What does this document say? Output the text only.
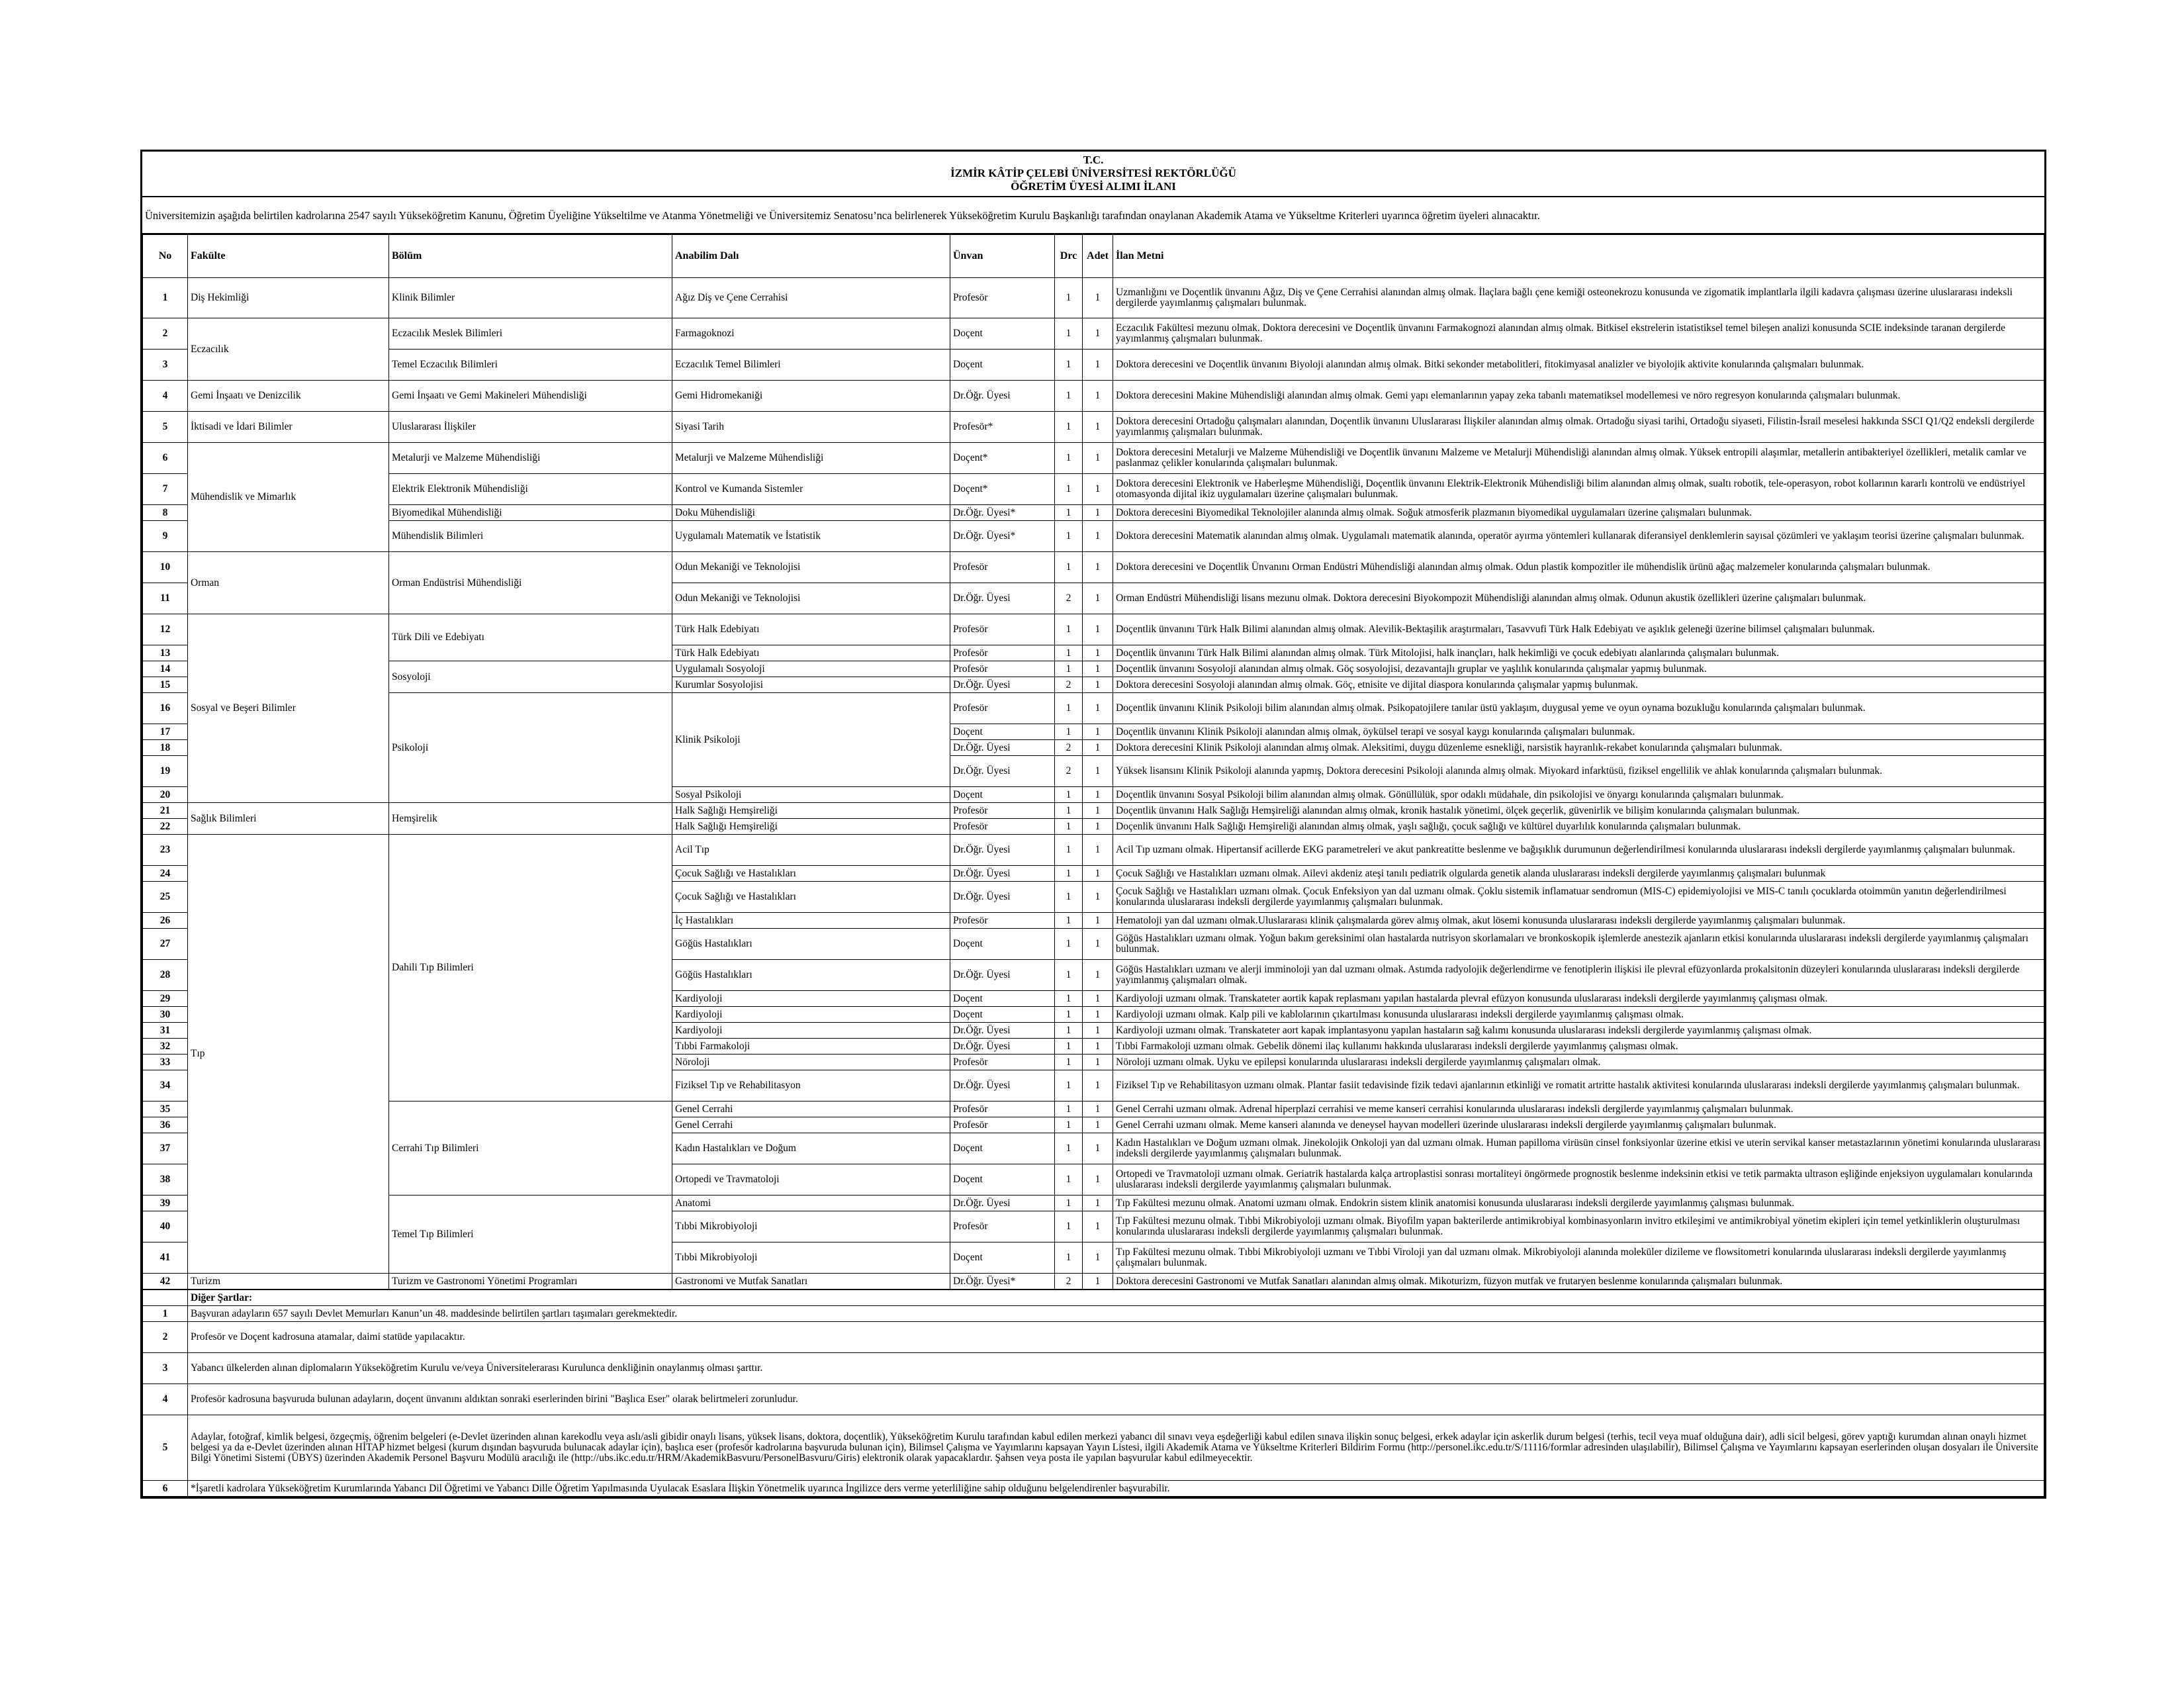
T.C.
İZMİR KÂTİP ÇELEBİ ÜNİVERSİTESİ REKTÖRLÜĞÜ
ÖĞRETİM ÜYESİ ALIMI İLANI
Üniversitemizin aşağıda belirtilen kadrolarına 2547 sayılı Yükseköğretim Kanunu, Öğretim Üyeliğine Yükseltilme ve Atanma Yönetmeliği ve Üniversitemiz Senatosu’nca belirlenerek Yükseköğretim Kurulu Başkanlığı tarafından onaylanan Akademik Atama ve Yükseltme Kriterleri uyarınca öğretim üyeleri alınacaktır.
No	Fakülte	Bölüm	Anabilim Dalı	Ünvan	Drc	Adet	İlan Metni
1	Diş Hekimliği	Klinik Bilimler	Ağız Diş ve Çene Cerrahisi	Profesör	1	1	Uzmanlığını ve Doçentlik ünvanını Ağız, Diş ve Çene Cerrahisi alanından almış olmak. İlaçlara bağlı çene kemiği osteonekrozu konusunda ve zigomatik implantlarla ilgili kadavra çalışması üzerine uluslararası indeksli dergilerde yayımlanmış çalışmaları bulunmak.
2	Eczacılık	Eczacılık Meslek Bilimleri	Farmagoknozi	Doçent	1	1	Eczacılık Fakültesi mezunu olmak. Doktora derecesini ve Doçentlik ünvanını Farmakognozi alanından almış olmak. Bitkisel ekstrelerin istatistiksel temel bileşen analizi konusunda SCIE indeksinde taranan dergilerde yayımlanmış çalışmaları bulunmak.
3		Temel Eczacılık Bilimleri	Eczacılık Temel Bilimleri	Doçent	1	1	Doktora derecesini ve Doçentlik ünvanını Biyoloji alanından almış olmak. Bitki sekonder metabolitleri, fitokimyasal analizler ve biyolojik aktivite konularında çalışmaları bulunmak.
4	Gemi İnşaatı ve Denizcilik	Gemi İnşaatı ve Gemi Makineleri Mühendisliği	Gemi Hidromekaniği	Dr.Öğr. Üyesi	1	1	Doktora derecesini Makine Mühendisliği alanından almış olmak. Gemi yapı elemanlarının yapay zeka tabanlı matematiksel modellemesi ve nöro regresyon konularında çalışmaları bulunmak.
5	İktisadi ve İdari Bilimler	Uluslararası İlişkiler	Siyasi Tarih	Profesör*	1	1	Doktora derecesini Ortadoğu çalışmaları alanından, Doçentlik ünvanını Uluslararası İlişkiler alanından almış olmak. Ortadoğu siyasi tarihi, Ortadoğu siyaseti, Filistin-İsrail meselesi hakkında SSCI Q1/Q2 endeksli dergilerde yayımlanmış çalışmaları bulunmak.
6	Mühendislik ve Mimarlık	Metalurji ve Malzeme Mühendisliği	Metalurji ve Malzeme Mühendisliği	Doçent*	1	1	Doktora derecesini Metalurji ve Malzeme Mühendisliği ve Doçentlik ünvanını Malzeme ve Metalurji Mühendisliği alanından almış olmak. Yüksek entropili alaşımlar, metallerin antibakteriyel özellikleri, metalik camlar ve paslanmaz çelikler konularında çalışmaları bulunmak.
7		Elektrik Elektronik Mühendisliği	Kontrol ve Kumanda Sistemler	Doçent*	1	1	Doktora derecesini Elektronik ve Haberleşme Mühendisliği, Doçentlik ünvanını Elektrik-Elektronik Mühendisliği bilim alanından almış olmak, sualtı robotik, tele-operasyon, robot kollarının kararlı kontrolü ve endüstriyel otomasyonda dijital ikiz uygulamaları üzerine çalışmaları bulunmak.
8		Biyomedikal Mühendisliği	Doku Mühendisliği	Dr.Öğr. Üyesi*	1	1	Doktora derecesini Biyomedikal Teknolojiler alanında almış olmak. Soğuk atmosferik plazmanın biyomedikal uygulamaları üzerine çalışmaları bulunmak.
9		Mühendislik Bilimleri	Uygulamalı Matematik ve İstatistik	Dr.Öğr. Üyesi*	1	1	Doktora derecesini Matematik alanından almış olmak. Uygulamalı matematik alanında, operatör ayırma yöntemleri kullanarak diferansiyel denklemlerin sayısal çözümleri ve yaklaşım teorisi üzerine çalışmaları bulunmak.
10	Orman	Orman Endüstrisi Mühendisliği	Odun Mekaniği ve Teknolojisi	Profesör	1	1	Doktora derecesini ve Doçentlik Ünvanını Orman Endüstri Mühendisliği alanından almış olmak. Odun plastik kompozitler ile mühendislik ürünü ağaç malzemeler konularında çalışmaları bulunmak.
11			Odun Mekaniği ve Teknolojisi	Dr.Öğr. Üyesi	2	1	Orman Endüstri Mühendisliği lisans mezunu olmak. Doktora derecesini Biyokompozit Mühendisliği alanından almış olmak. Odunun akustik özellikleri üzerine çalışmaları bulunmak.
12	Sosyal ve Beşeri Bilimler	Türk Dili ve Edebiyatı	Türk Halk Edebiyatı	Profesör	1	1	Doçentlik ünvanını Türk Halk Bilimi alanından almış olmak. Alevilik-Bektaşilik araştırmaları, Tasavvufi Türk Halk Edebiyatı ve aşıklık geleneği üzerine bilimsel çalışmaları bulunmak.
13			Türk Halk Edebiyatı	Profesör	1	1	Doçentlik ünvanını Türk Halk Bilimi alanından almış olmak. Türk Mitolojisi, halk inançları, halk hekimliği ve çocuk edebiyatı alanlarında çalışmaları bulunmak.
14		Sosyoloji	Uygulamalı Sosyoloji	Profesör	1	1	Doçentlik ünvanını Sosyoloji alanından almış olmak. Göç sosyolojisi, dezavantajlı gruplar ve yaşlılık konularında çalışmalar yapmış bulunmak.
15			Kurumlar Sosyolojisi	Dr.Öğr. Üyesi	2	1	Doktora derecesini Sosyoloji alanından almış olmak. Göç, etnisite ve dijital diaspora konularında çalışmalar yapmış bulunmak.
16		Psikoloji	Klinik Psikoloji	Profesör	1	1	Doçentlik ünvanını Klinik Psikoloji bilim alanından almış olmak. Psikopatojilere tanılar üstü yaklaşım, duygusal yeme ve oyun oynama bozukluğu konularında çalışmaları bulunmak.
17				Doçent	1	1	Doçentlik ünvanını Klinik Psikoloji alanından almış olmak, öykülsel terapi ve sosyal kaygı konularında çalışmaları bulunmak.
18				Dr.Öğr. Üyesi	2	1	Doktora derecesini Klinik Psikoloji alanından almış olmak. Aleksitimi, duygu düzenleme esnekliği, narsistik hayranlık-rekabet konularında çalışmaları bulunmak.
19				Dr.Öğr. Üyesi	2	1	Yüksek lisansını Klinik Psikoloji alanında yapmış, Doktora derecesini Psikoloji alanında almış olmak. Miyokard infarktüsü, fiziksel engellilik ve ahlak konularında çalışmaları bulunmak.
20			Sosyal Psikoloji	Doçent	1	1	Doçentlik ünvanını Sosyal Psikoloji bilim alanından almış olmak. Gönüllülük, spor odaklı müdahale, din psikolojisi ve önyargı konularında çalışmaları bulunmak.
21	Sağlık Bilimleri	Hemşirelik	Halk Sağlığı Hemşireliği	Profesör	1	1	Doçentlik ünvanını Halk Sağlığı Hemşireliği alanından almış olmak, kronik hastalık yönetimi, ölçek geçerlik, güvenirlik ve bilişim konularında çalışmaları bulunmak.
22			Halk Sağlığı Hemşireliği	Profesör	1	1	Doçenlik ünvanını Halk Sağlığı Hemşireliği alanından almış olmak, yaşlı sağlığı, çocuk sağlığı ve kültürel duyarlılık konularında çalışmaları bulunmak.
23	Tıp	Dahili Tıp Bilimleri	Acil Tıp	Dr.Öğr. Üyesi	1	1	Acil Tıp uzmanı olmak. Hipertansif acillerde EKG parametreleri ve akut pankreatitte beslenme ve bağışıklık durumunun değerlendirilmesi konularında uluslararası indeksli dergilerde yayımlanmış çalışmaları bulunmak.
24			Çocuk Sağlığı ve Hastalıkları	Dr.Öğr. Üyesi	1	1	Çocuk Sağlığı ve Hastalıkları uzmanı olmak. Ailevi akdeniz ateşi tanılı pediatrik olgularda genetik alanda uluslararası indeksli dergilerde yayımlanmış çalışmaları bulunmak
25			Çocuk Sağlığı ve Hastalıkları	Dr.Öğr. Üyesi	1	1	Çocuk Sağlığı ve Hastalıkları uzmanı olmak. Çocuk Enfeksiyon yan dal uzmanı olmak. Çoklu sistemik inflamatuar sendromun (MIS-C) epidemiyolojisi ve MIS-C tanılı çocuklarda otoimmün yanıtın değerlendirilmesi konularında uluslararası indeksli dergilerde yayımlanmış çalışmaları bulunmak.
26			İç Hastalıkları	Profesör	1	1	Hematoloji yan dal uzmanı olmak.Uluslararası klinik çalışmalarda görev almış olmak, akut lösemi konusunda uluslararası indeksli dergilerde yayımlanmış çalışmaları bulunmak.
27			Göğüs Hastalıkları	Doçent	1	1	Göğüs Hastalıkları uzmanı olmak. Yoğun bakım gereksinimi olan hastalarda nutrisyon skorlamaları ve bronkoskopik işlemlerde anestezik ajanların etkisi konularında uluslararası indeksli dergilerde yayımlanmış çalışmaları bulunmak.
28			Göğüs Hastalıkları	Dr.Öğr. Üyesi	1	1	Göğüs Hastalıkları uzmanı ve alerji imminoloji yan dal uzmanı olmak. Astımda radyolojik değerlendirme ve fenotiplerin ilişkisi ile plevral efüzyonlarda prokalsitonin düzeyleri konularında uluslararası indeksli dergilerde yayımlanmış çalışmaları olmak.
29			Kardiyoloji	Doçent	1	1	Kardiyoloji uzmanı olmak. Transkateter aortik kapak replasmanı yapılan hastalarda plevral efüzyon konusunda uluslararası indeksli dergilerde yayımlanmış çalışması olmak.
30			Kardiyoloji	Doçent	1	1	Kardiyoloji uzmanı olmak. Kalp pili ve kablolarının çıkartılması konusunda uluslararası indeksli dergilerde yayımlanmış çalışması olmak.
31			Kardiyoloji	Dr.Öğr. Üyesi	1	1	Kardiyoloji uzmanı olmak. Transkateter aort kapak implantasyonu yapılan hastaların sağ kalımı konusunda uluslararası indeksli dergilerde yayımlanmış çalışması olmak.
32			Tıbbi Farmakoloji	Dr.Öğr. Üyesi	1	1	Tıbbi Farmakoloji uzmanı olmak. Gebelik dönemi ilaç kullanımı hakkında uluslararası indeksli dergilerde yayımlanmış çalışması olmak.
33			Nöroloji	Profesör	1	1	Nöroloji uzmanı olmak. Uyku ve epilepsi konularında uluslararası indeksli dergilerde yayımlanmış çalışmaları olmak.
34			Fiziksel Tıp ve Rehabilitasyon	Dr.Öğr. Üyesi	1	1	Fiziksel Tıp ve Rehabilitasyon uzmanı olmak. Plantar fasiit tedavisinde fizik tedavi ajanlarının etkinliği ve romatit artritte hastalık aktivitesi konularında uluslararası indeksli dergilerde yayımlanmış çalışmaları bulunmak.
35		Cerrahi Tıp Bilimleri	Genel Cerrahi	Profesör	1	1	Genel Cerrahi uzmanı olmak. Adrenal hiperplazi cerrahisi ve meme kanseri cerrahisi konularında uluslararası indeksli dergilerde yayımlanmış çalışmaları bulunmak.
36			Genel Cerrahi	Profesör	1	1	Genel Cerrahi uzmanı olmak. Meme kanseri alanında ve deneysel hayvan modelleri üzerinde uluslararası indeksli dergilerde yayımlanmış çalışmaları bulunmak.
37			Kadın Hastalıkları ve Doğum	Doçent	1	1	Kadın Hastalıkları ve Doğum uzmanı olmak. Jinekolojik Onkoloji yan dal uzmanı olmak. Human papilloma virüsün cinsel fonksiyonlar üzerine etkisi ve uterin servikal kanser metastazlarının yönetimi konularında uluslararası indeksli dergilerde yayımlanmış çalışmaları bulunmak.
38			Ortopedi ve Travmatoloji	Doçent	1	1	Ortopedi ve Travmatoloji uzmanı olmak. Geriatrik hastalarda kalça artroplastisi sonrası mortaliteyi öngörmede prognostik beslenme indeksinin etkisi ve tetik parmakta ultrason eşliğinde enjeksiyon uygulamaları konularında uluslararası indeksli dergilerde yayımlanmış çalışmaları bulunmak.
39		Temel Tıp Bilimleri	Anatomi	Dr.Öğr. Üyesi	1	1	Tıp Fakültesi mezunu olmak. Anatomi uzmanı olmak. Endokrin sistem klinik anatomisi konusunda uluslararası indeksli dergilerde yayımlanmış çalışması bulunmak.
40			Tıbbi Mikrobiyoloji	Profesör	1	1	Tıp Fakültesi mezunu olmak. Tıbbi Mikrobiyoloji uzmanı olmak. Biyofilm yapan bakterilerde antimikrobiyal kombinasyonların invitro etkileşimi ve antimikrobiyal yönetim ekipleri için temel yetkinliklerin oluşturulması konularında uluslararası indeksli dergilerde yayımlanmış çalışmaları bulunmak.
41			Tıbbi Mikrobiyoloji	Doçent	1	1	Tıp Fakültesi mezunu olmak. Tıbbi Mikrobiyoloji uzmanı ve Tıbbi Viroloji yan dal uzmanı olmak. Mikrobiyoloji alanında moleküler dizileme ve flowsitometri konularında uluslararası indeksli dergilerde yayımlanmış çalışmaları bulunmak.
42	Turizm	Turizm ve Gastronomi Yönetimi Programları	Gastronomi ve Mutfak Sanatları	Dr.Öğr. Üyesi*	2	1	Doktora derecesini Gastronomi ve Mutfak Sanatları alanından almış olmak. Mikoturizm, füzyon mutfak ve frutaryen beslenme konularında çalışmaları bulunmak.
	Diğer Şartlar:
1	Başvuran adayların 657 sayılı Devlet Memurları Kanun’un 48. maddesinde belirtilen şartları taşımaları gerekmektedir.
2	Profesör ve Doçent kadrosuna atamalar, daimi statüde yapılacaktır.
3	Yabancı ülkelerden alınan diplomaların Yükseköğretim Kurulu ve/veya Üniversitelerarası Kurulunca denkliğinin onaylanmış olması şarttır.
4	Profesör kadrosuna başvuruda bulunan adayların, doçent ünvanını aldıktan sonraki eserlerinden birini "Başlıca Eser" olarak belirtmeleri zorunludur.
5	Adaylar, fotoğraf, kimlik belgesi, özgeçmiş, öğrenim belgeleri (e-Devlet üzerinden alınan karekodlu veya aslı/asli gibidir onaylı lisans, yüksek lisans, doktora, doçentlik), Yükseköğretim Kurulu tarafından kabul edilen merkezi yabancı dil sınavı veya eşdeğerliği kabul edilen sınava ilişkin sonuç belgesi, erkek adaylar için askerlik durum belgesi (terhis, tecil veya muaf olduğuna dair), adli sicil belgesi, görev yaptığı kurumdan alınan onaylı hizmet belgesi ya da e-Devlet üzerinden alınan HİTAP hizmet belgesi (kurum dışından başvuruda bulunacak adaylar için), başlıca eser (profesör kadrolarına başvuruda bulunan için), Bilimsel Çalışma ve Yayımlarını kapsayan Yayın Listesi, ilgili Akademik Atama ve Yükseltme Kriterleri Bildirim Formu (http://personel.ikc.edu.tr/S/11116/formlar adresinden ulaşılabilir), Bilimsel Çalışma ve Yayımlarını kapsayan eserlerinden oluşan dosyaları ile Üniversite Bilgi Yönetimi Sistemi (ÜBYS) üzerinden Akademik Personel Başvuru Modülü aracılığı ile (http://ubs.ikc.edu.tr/HRM/AkademikBasvuru/PersonelBasvuru/Giris) elektronik olarak yapacaklardır. Şahsen veya posta ile yapılan başvurular kabul edilmeyecektir.
6	*İşaretli kadrolara Yükseköğretim Kurumlarında Yabancı Dil Öğretimi ve Yabancı Dille Öğretim Yapılmasında Uyulacak Esaslara İlişkin Yönetmelik uyarınca İngilizce ders verme yeterliliğine sahip olduğunu belgelendirenler başvurabilir.
